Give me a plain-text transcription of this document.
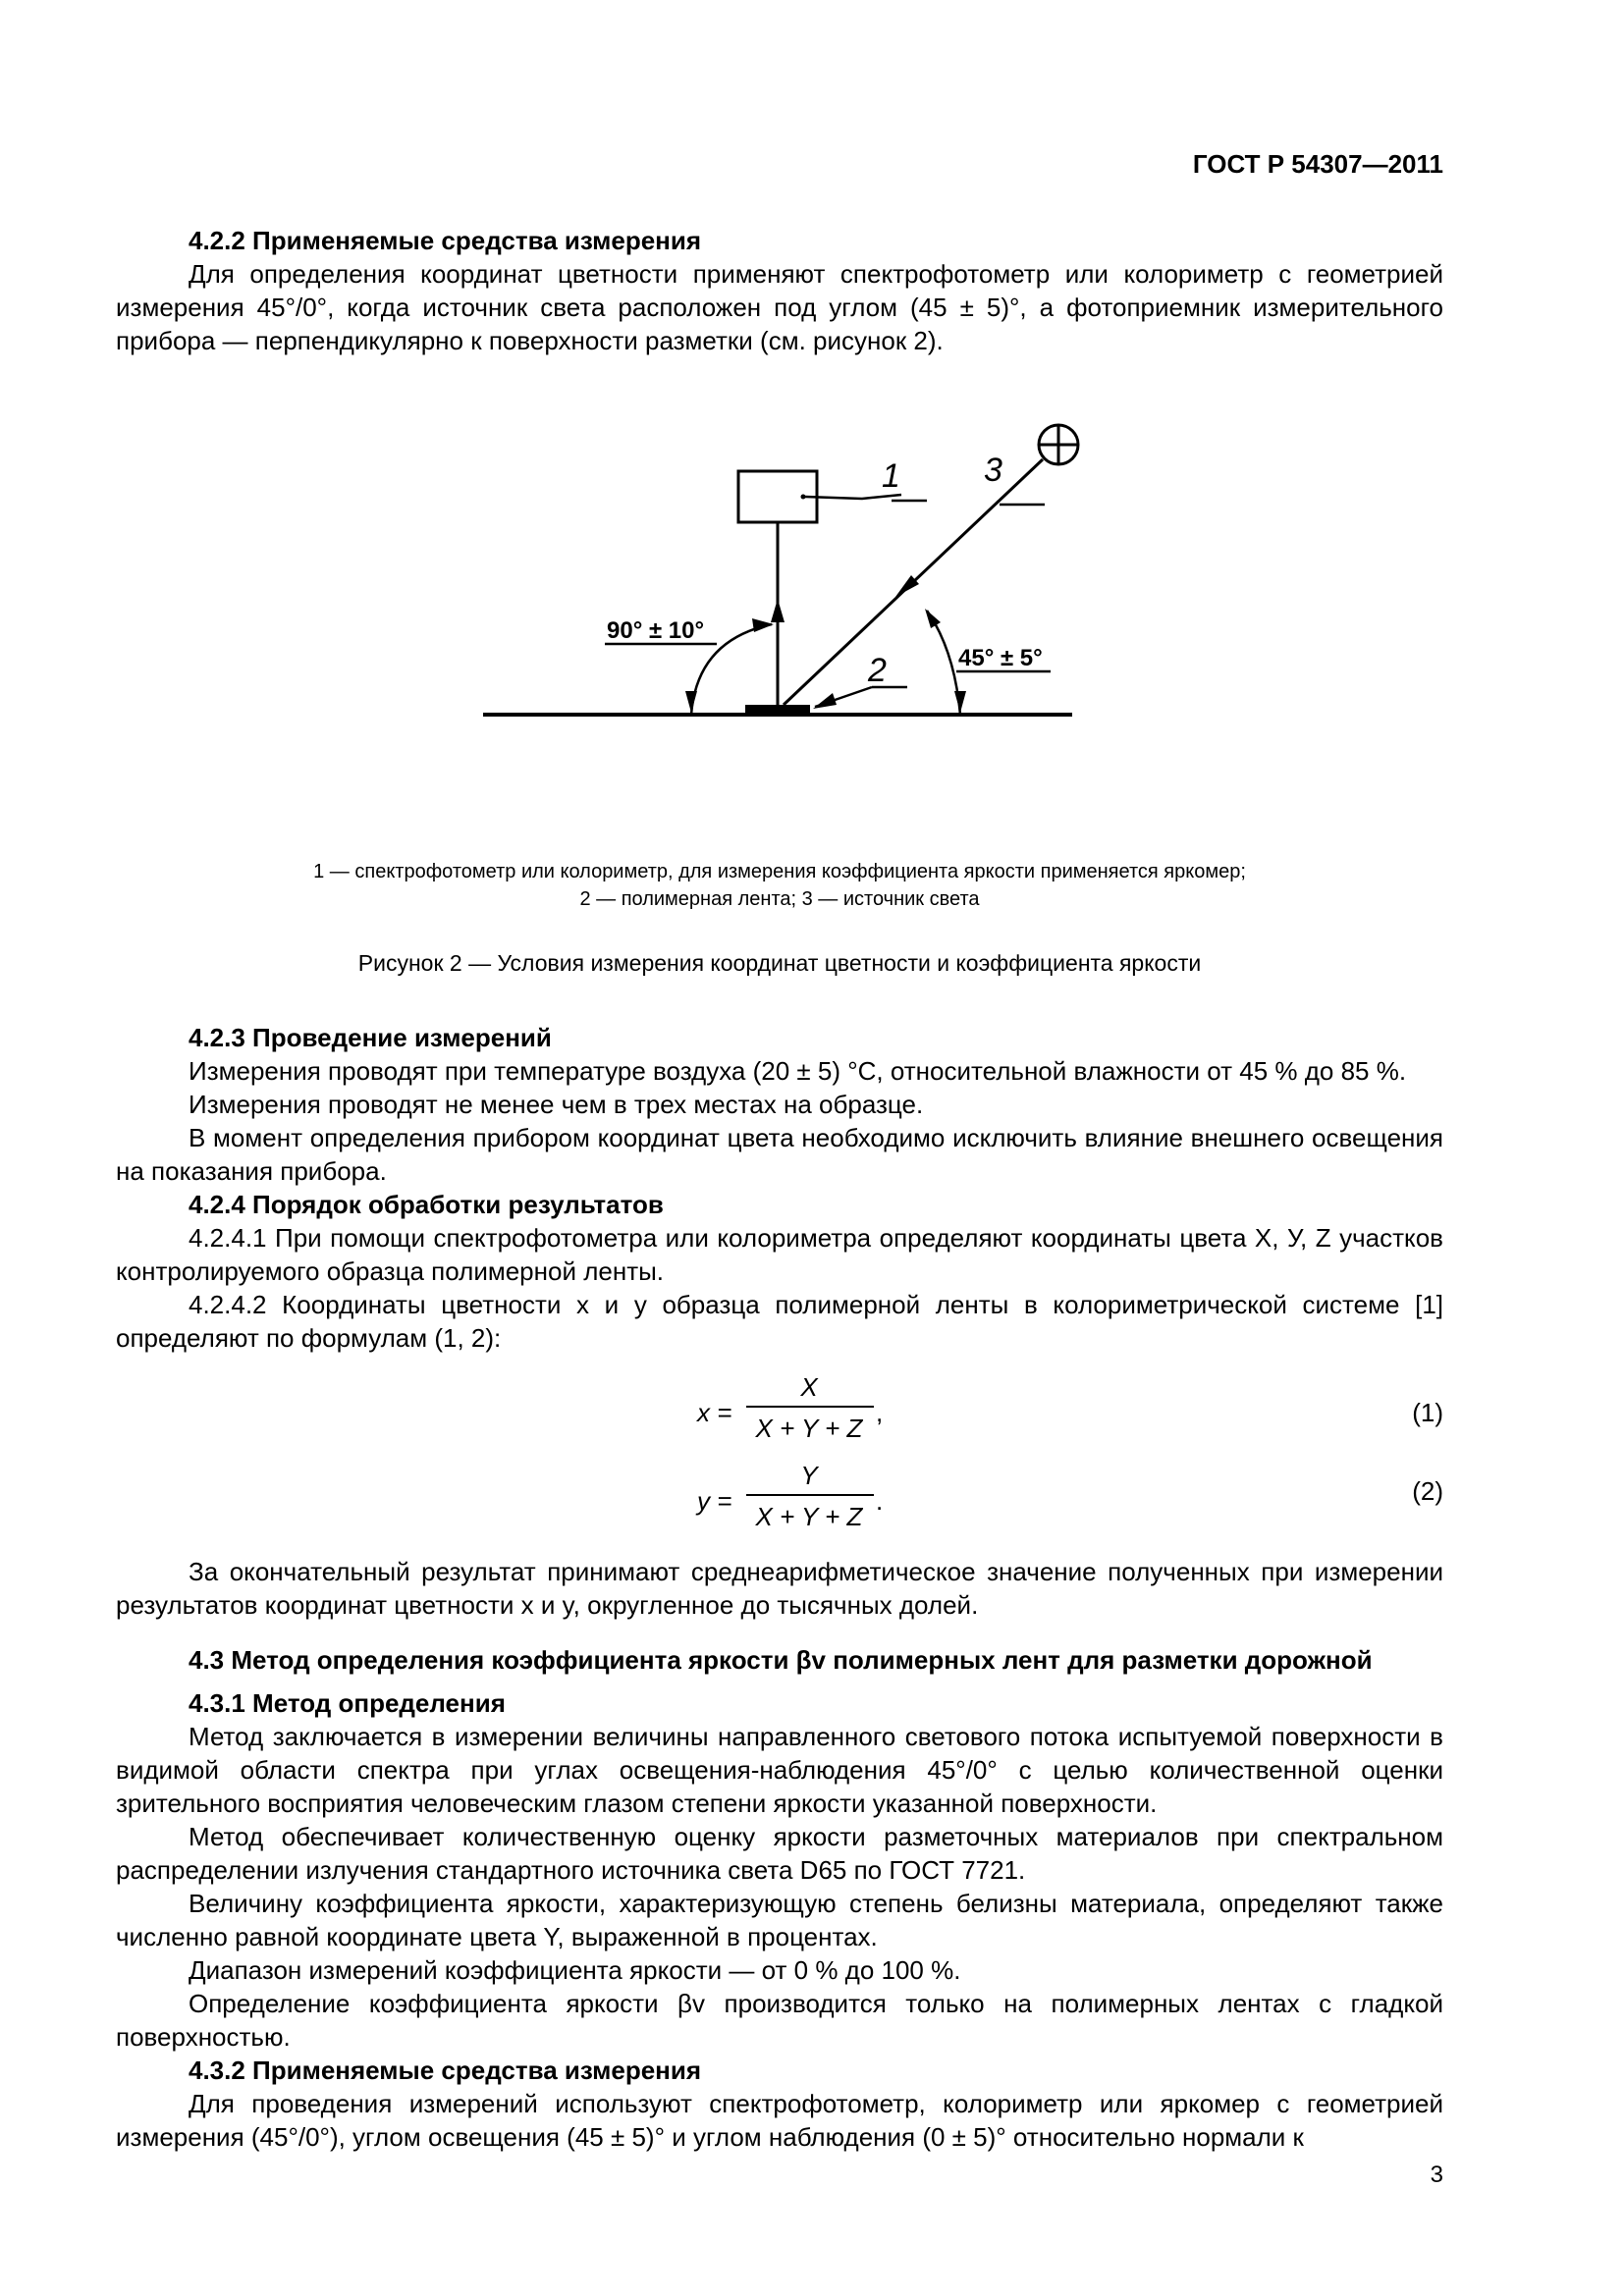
ГОСТ Р 54307—2011

4.2.2 Применяемые средства измерения

Для определения координат цветности применяют спектрофотометр или колориметр с геометрией измерения 45°/0°, когда источник света расположен под углом (45 ± 5)°, а фотоприемник измерительного прибора — перпендикулярно к поверхности разметки (см. рисунок 2).

1	3
2
90° ± 10°
45° ± 5°

1 — спектрофотометр или колориметр, для измерения коэффициента яркости применяется яркомер;

2 — полимерная лента; 3 — источник света

Рисунок 2 — Условия измерения координат цветности и коэффициента яркости

4.2.3 Проведение измерений

Измерения проводят при температуре воздуха (20 ± 5) °С, относительной влажности от 45 % до 85 %.

Измерения проводят не менее чем в трех местах на образце.

В момент определения прибором координат цвета необходимо исключить влияние внешнего освещения на показания прибора.

4.2.4 Порядок обработки результатов

4.2.4.1 При помощи спектрофотометра или колориметра определяют координаты цвета X, У, Z участков контролируемого образца полимерной ленты.

4.2.4.2 Координаты цветности x и y образца полимерной ленты в колориметрической системе [1] определяют по формулам (1, 2):

x =
X
X + Y + Z
,	(1)
y =
Y
X + Y + Z
.	(2)

За окончательный результат принимают среднеарифметическое значение полученных при измерении результатов координат цветности x и y, округленное до тысячных долей.

4.3 Метод определения коэффициента яркости βv полимерных лент для разметки дорожной

4.3.1 Метод определения

Метод заключается в измерении величины направленного светового потока испытуемой поверхности в видимой области спектра при углах освещения-наблюдения 45°/0° с целью количественной оценки зрительного восприятия человеческим глазом степени яркости указанной поверхности.

Метод обеспечивает количественную оценку яркости разметочных материалов при спектральном распределении излучения стандартного источника света D65 по ГОСТ 7721.

Величину коэффициента яркости, характеризующую степень белизны материала, определяют также численно равной координате цвета Y, выраженной в процентах.

Диапазон измерений коэффициента яркости — от 0 % до 100 %.

Определение коэффициента яркости βv производится только на полимерных лентах с гладкой поверхностью.

4.3.2 Применяемые средства измерения

Для проведения измерений используют спектрофотометр, колориметр или яркомер с геометрией измерения (45°/0°), углом освещения (45 ± 5)° и углом наблюдения (0 ± 5)° относительно нормали к

3
